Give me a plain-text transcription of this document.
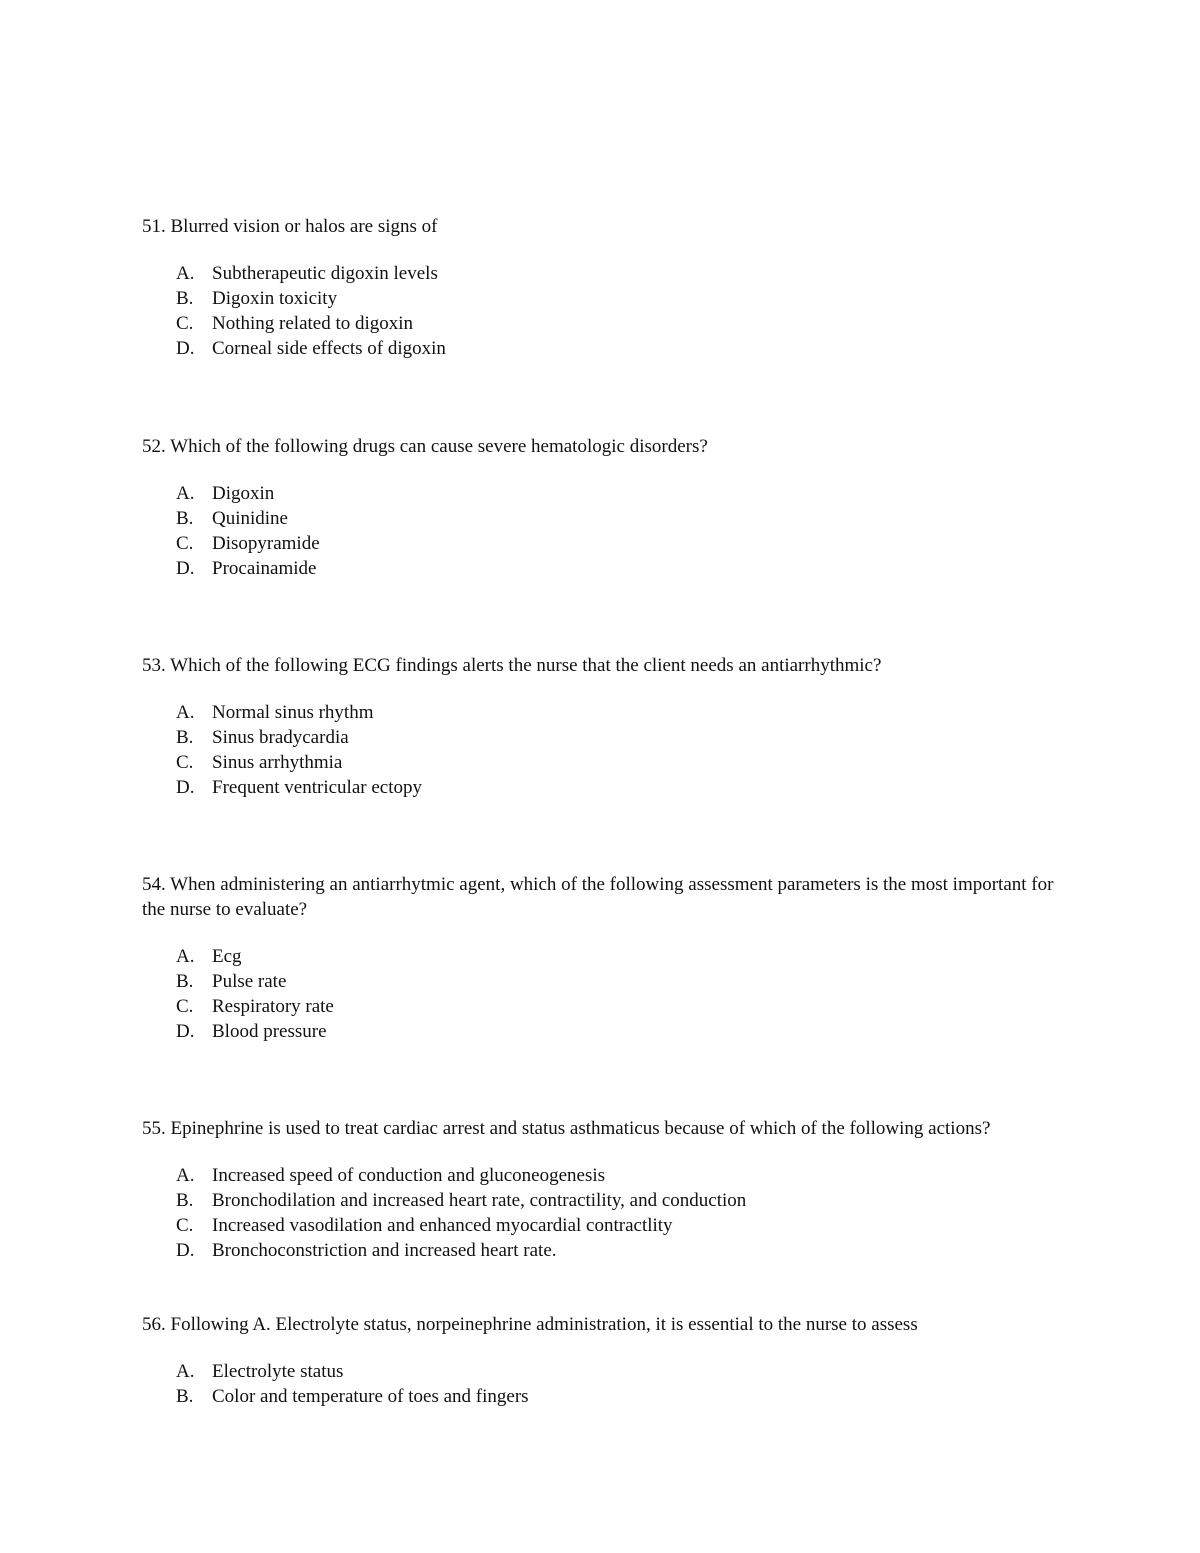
51. Blurred vision or halos are signs of

A. Subtherapeutic digoxin levels
B. Digoxin toxicity
C. Nothing related to digoxin
D. Corneal side effects of digoxin

52. Which of the following drugs can cause severe hematologic disorders?

A. Digoxin
B. Quinidine
C. Disopyramide
D. Procainamide

53. Which of the following ECG findings alerts the nurse that the client needs an antiarrhythmic?

A. Normal sinus rhythm
B. Sinus bradycardia
C. Sinus arrhythmia
D. Frequent ventricular ectopy

54. When administering an antiarrhytmic agent, which of the following assessment parameters is the most important for the nurse to evaluate?

A. Ecg
B. Pulse rate
C. Respiratory rate
D. Blood pressure

55. Epinephrine is used to treat cardiac arrest and status asthmaticus because of which of the following actions?

A. Increased speed of conduction and gluconeogenesis
B. Bronchodilation and increased heart rate, contractility, and conduction
C. Increased vasodilation and enhanced myocardial contractlity
D. Bronchoconstriction and increased heart rate.

56. Following A. Electrolyte status, norpeinephrine administration, it is essential to the nurse to assess

A. Electrolyte status
B. Color and temperature of toes and fingers
